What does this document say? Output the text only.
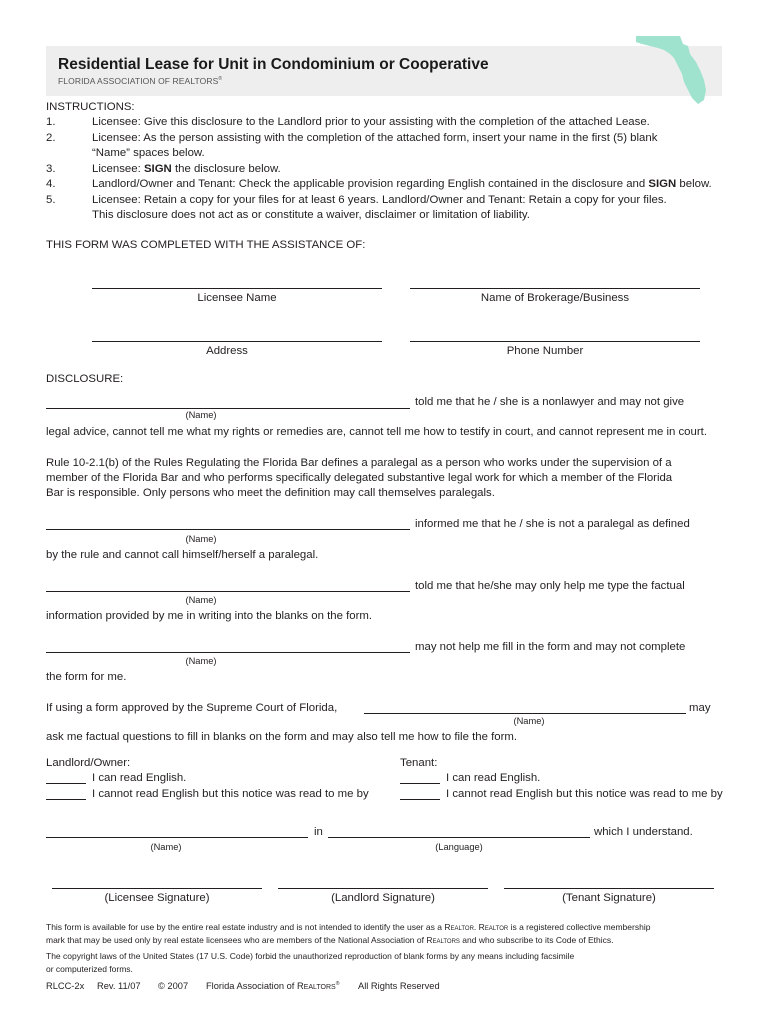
Residential Lease for Unit in Condominium or Cooperative
FLORIDA ASSOCIATION OF REALTORS®
INSTRUCTIONS:
1.	Licensee: Give this disclosure to the Landlord prior to your assisting with the completion of the attached Lease.
2.	Licensee: As the person assisting with the completion of the attached form, insert your name in the first (5) blank
“Name” spaces below.
3.	Licensee: SIGN the disclosure below.
4.	Landlord/Owner and Tenant: Check the applicable provision regarding English contained in the disclosure and SIGN below.
5.	Licensee: Retain a copy for your files for at least 6 years. Landlord/Owner and Tenant: Retain a copy for your files.
This disclosure does not act as or constitute a waiver, disclaimer or limitation of liability.
THIS FORM WAS COMPLETED WITH THE ASSISTANCE OF:
Licensee Name	Name of Brokerage/Business
Address	Phone Number
DISCLOSURE:
told me that he / she is a nonlawyer and may not give
(Name)
legal advice, cannot tell me what my rights or remedies are, cannot tell me how to testify in court, and cannot represent me in court.
Rule 10-2.1(b) of the Rules Regulating the Florida Bar defines a paralegal as a person who works under the supervision of a
member of the Florida Bar and who performs specifically delegated substantive legal work for which a member of the Florida
Bar is responsible. Only persons who meet the definition may call themselves paralegals.
informed me that he / she is not a paralegal as defined
(Name)
by the rule and cannot call himself/herself a paralegal.
told me that he/she may only help me type the factual
(Name)
information provided by me in writing into the blanks on the form.
may not help me fill in the form and may not complete
(Name)
the form for me.
If using a form approved by the Supreme Court of Florida,	may
(Name)
ask me factual questions to fill in blanks on the form and may also tell me how to file the form.
Landlord/Owner:
I can read English.
I cannot read English but this notice was read to me by
Tenant:
I can read English.
I cannot read English but this notice was read to me by
in	which I understand.
(Name)	(Language)
(Licensee Signature)	(Landlord Signature)	(Tenant Signature)
This form is available for use by the entire real estate industry and is not intended to identify the user as a Realtor. Realtor is a registered collective membership
mark that may be used only by real estate licensees who are members of the National Association of Realtors and who subscribe to its Code of Ethics.
The copyright laws of the United States (17 U.S. Code) forbid the unauthorized reproduction of blank forms by any means including facsimile
or computerized forms.
RLCC-2x Rev. 11/07 © 2007 Florida Association of Realtors® All Rights Reserved
